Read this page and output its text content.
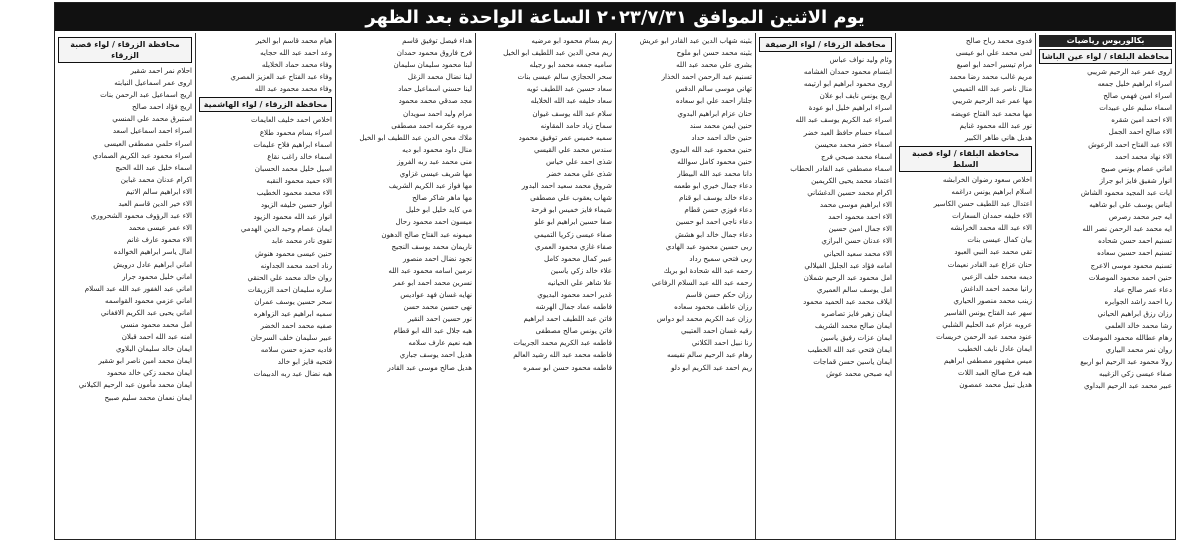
يوم الاثنين الموافق ٢٠٢٣/٧/٣١ الساعة الواحدة بعد الظهر
بكالوريوس رياضيات
محافظة البلقاء / لواء عين الباشا
اروى عمر عبد الرحيم شريبي
اسراء ابراهيم خليل جمعه
اسراء امين فهمي صالح
اسماء سليم علي عبيدات
الاء احمد امين شقره
الاء صالح احمد الجمل
الاء عبد الفتاح احمد الرعوش
الاء نهاد محمد احمد
اماني عصام يونس صبيح
انوار شفيق فايز ابو جراز
ايات عبد المجيد محمود الشاش
ايناس يوسف علي ابو شاهيه
ايه جبر محمد رصرص
ايه محمد عبد الرحمن نصر الله
تسنيم احمد حسن شحاده
تسنيم احمد حسين سعاده
تسنيم محمود موسى الاعرج
حنين احمد محمود الموصلات
دعاء عمر صالح عياد
ربا احمد راشد الجوابره
رزان رزق ابراهيم الحياني
رشا محمد خالد العلمي
رهام عطالله محمود الموصلات
روان نمر محمد البياري
رولا محمود عبد الرحيم ابو اربيع
صفاء عيسى زكي الزغيبه
عبير محمد عبد الرحيم البداوي
فدوى محمد رباح صالح
لمى محمد علي ابو عيسى
مرام تيسير احمد ابو اصبع
مريم غالب محمد رضا محمد
منال ناصر عبد الله التميمي
مها عمر عبد الرحيم شريبي
مها محمد عبد الفتاح عويضه
نور عبد الله محمود غنايم
هديل هاني طاهر الكبير
محافظة البلقاء / لواء قصبة السلط
اخلاص سعود رضوان الخرابشه
اسلام ابراهيم يونس دراغمه
اعتدال عبد اللطيف حسن الكاسير
الاء خليفه حمدان السعارات
الاء عبد الله محمد الخرابشه
بيان كمال عيسى بنات
تقى محمد عبد النبي العبود
حنان عزاع عبد القادر نعيمات
ديمه محمد خلف الزعبي
رانيا محمد احمد الداغش
زينب محمد منصور الحياري
سهر عبد الفتاح يونس القاسير
عروبه عزام عبد الحليم الشلبي
عنود محمد عبد الرحمن خريسات
ايمان عادل نايف الخطيب
ميس مشهور مصطفى ابراهيم
هبه فرج صالح العبد اللات
هديل نبيل محمد عمصون
محافظة الزرقاء / لواء الرصيفة
وئام وليد نواف عباس
ابتسام محمود حمدان الغشامه
اروى محمود ابراهيم ابو ارتيمه
اريج يونس نايف ابو علان
اسراء ابراهيم خليل ابو عودة
اسراء عبد الكريم يوسف عبد الله
اسماء حسام حافظ العبد خضر
اسماء خضر محمد محيسن
اسماء محمد صبحي فرج
اسماء مصطفى عبد القادر الحطاب
اعتماد محمد يحيى الكريمين
اكرام محمد حسين الدغشاني
الاء ابراهيم موسى محمد
الاء احمد محمود احمد
الاء جمال امين حسين
الاء عدنان حسن البرازي
الاء محمد سعيد الحياني
امامه فؤاد عبد الجليل الفيلالي
امل محمود عبد الرحيم شملان
امل يوسف سالم العميري
ايلاف محمد عبد الحميد محمود
ايمان زهير فايز تصاصره
ايمان صالح محمد الشريف
ايمان عزات رفيق ياسين
ايمان فتحي عبد الله الخطيب
ايمان ياسين حسن قماجات
ايه صبحي محمد عوش
بثينه شهاب الدين عبد القادر ابو عريش
بثينه محمد حسن ابو ملوح
بشرى علي محمد عبد الله
تسنيم عبد الرحمن احمد الخذار
تهاني موسى سالم الدقس
جلنار احمد علي ابو سعاده
حنان عزام ابراهيم البدوي
حنين ايمن محمد سند
حنين خالد احمد حداد
حنين محمود عبد الله البدوي
حنين محمود كامل سوالله
دانا محمد عبد الله البيطار
دعاء جمال خيري ابو طعمه
دعاء خالد يوسف ابو قنام
دعاء فوزي حسن قطام
دعاء ناجي احمد ابو حسين
دعاء جمال خالد ابو هشش
ربى حسين محمود عبد الهادي
ربى فتحي سميح رداد
رحمه عبد الله شحادة ابو بريك
رحمه عبد الله عبد السلام الرفاعي
رزان حكم حسن قاسم
رزان عاطف محمود سعاده
رزان عبد الكريم محمد ابو دواس
رقيه غسان احمد العتيبي
رنا نبيل احمد الكلاني
رهام عبد الرحيم سالم نفيسه
ريم احمد عبد الكريم ابو دلو
ريم بسام محمود ابو مرضيه
ريم محي الدين عبد اللطيف ابو الخيل
ساميه جمعه محمد ابو رجيله
سحر الحجازي سالم عيسى بنات
سعاد حسين عبد اللطيف ثويه
سعاد خليفه عبد الله الخلايله
سلام عبد الله يوسف غيوان
سماح زياد حامد المقاونه
سميه خميس عمر توفيق محمود
سندس محمد علي القيسي
شذى احمد علي خياس
شذى علي محمد خضر
شروق محمد سعيد احمد البدور
شهاب يعقوب علي مصطفى
شيماء فايز خميس ابو فرحة
صفا حسين ابراهيم ابو علو
صفاء عيسى زكريا التميمي
صفاء غازي محمود العمري
عبير كمال محمود كامل
علاء خالد زكي ياسين
علا شاهر علي الحيانيه
غدير احمد محمود البديوي
فاطمه عماد جمال الهرشه
فاتن عبد اللطيف احمد ابراهيم
فاتن يونس صالح مصطفى
فاطمه عبد الكريم محمد الجريبات
فاطمه محمد عبد الله رشيد العالم
فاطمه محمود حسن ابو سمره
هداء فيصل توفيق قاسم
فرح فاروق محمود حمدان
لبنا محمود سليمان سليمان
لينا نضال محمد الزغل
لينا حسني اسماعيل حماد
مجد صدقي محمد محمود
مرام وليد احمد سويدان
مروه عكرمه احمد مصطفى
ملاك محي الدين عبد اللطيف ابو الخيل
منال داود محمود ابو ديه
منى محمد عبد ربه الفروز
مها شريف عيسى غزاوي
مها فواز عبد الكريم الشريف
مها ماهر شاكر صالح
مي كايد خليل ابو خليل
ميسون احمد محمود رحال
ميمونه عبد الفتاح صالح الدهون
ناريمان محمد يوسف النجيج
نجود نضال احمد منصور
نرمين اسامه محمود عبد الله
نسرين محمد احمد ابو عمر
نهايه غسان فهد عواديس
نهى حسين محمد حسن
نور حسين احمد النقير
هبه جلال عبد الله ابو قطام
هبه نعيم عارف سلامه
هديل احمد يوسف جباري
هديل صالح موسى عبد القادر
هيام محمد قاسم ابو الخير
وعد احمد عبد الله حجايه
وفاء محمد حماد الخلايله
وفاء عبد الفتاح عبد العزيز المصري
وفاء محمد محمود عبد الله
محافظة الزرقاء / لواء الهاشمية
اخلاص احمد خليف العايمات
اسراء بسام محمود طلاع
اسماء ابراهيم فلاح عليمات
اسماء خالد راغب نقاع
اسيل خليل محمد الحسبان
الاء حميد محمود النقبه
الاء محمد محمود الخطيب
انوار حسين خليفه الزيود
انوار عبد الله محمود الزيود
ايمان عصام وحيد الدين الهدمي
تقوى نادر محمد عابد
حنين عيسى محمود هنوش
رناد احمد محمد الجداونه
روان خالد محمد علي الحنقي
ساره سليمان احمد الزريقات
سحر حسين يوسف عمران
سميه ابراهيم عيد الزواهره
صفيه محمد احمد الخضر
عبير سليمان خلف السرحان
فاديه حمزه حسن سلامه
فتحيه فايز ابو خالد
هبه نضال عبد ربه الدبيمات
محافظة الزرقاء / لواء قصبة الزرقاء
احلام نمر احمد شقير
اروى عمر اسماعيل النيابته
اريج اسماعيل عبد الرحمن بنات
اريج فؤاد احمد صالح
استبرق محمد علي المنسي
اسراء احمد اسماعيل اسعد
اسراء حلمي مصطفى العيسى
اسراء محمود عبد الكريم الصمادي
اسماء خليل عبد الله الحبج
اكرام عدنان محمد غباين
الاء ابراهيم سالم الاتيم
الاء خير الدين قاسم العبد
الاء عبد الرؤوف محمود الشحروري
الاء عمر عيسى محمد
الاء محمود عارف غانم
امال ياسر ابراهيم الخوالده
اماني ابراهيم عادل درويش
اماني خليل محمود جرار
اماني عبد الغفور عبد الله عبد السلام
اماني عزمي محمود القواسمه
اماني يحيى عبد الكريم الافغاني
امل محمد محمود منسي
امنه عبد الله احمد قبلان
ايمان خالد سليمان البلاوي
ايمان محمد امين ناصر ابو شقير
ايمان محمد زكي خالد محمود
ايمان محمد مأمون عبد الرحيم الكيلاني
ايمان نعمان محمد سليم صبيح
